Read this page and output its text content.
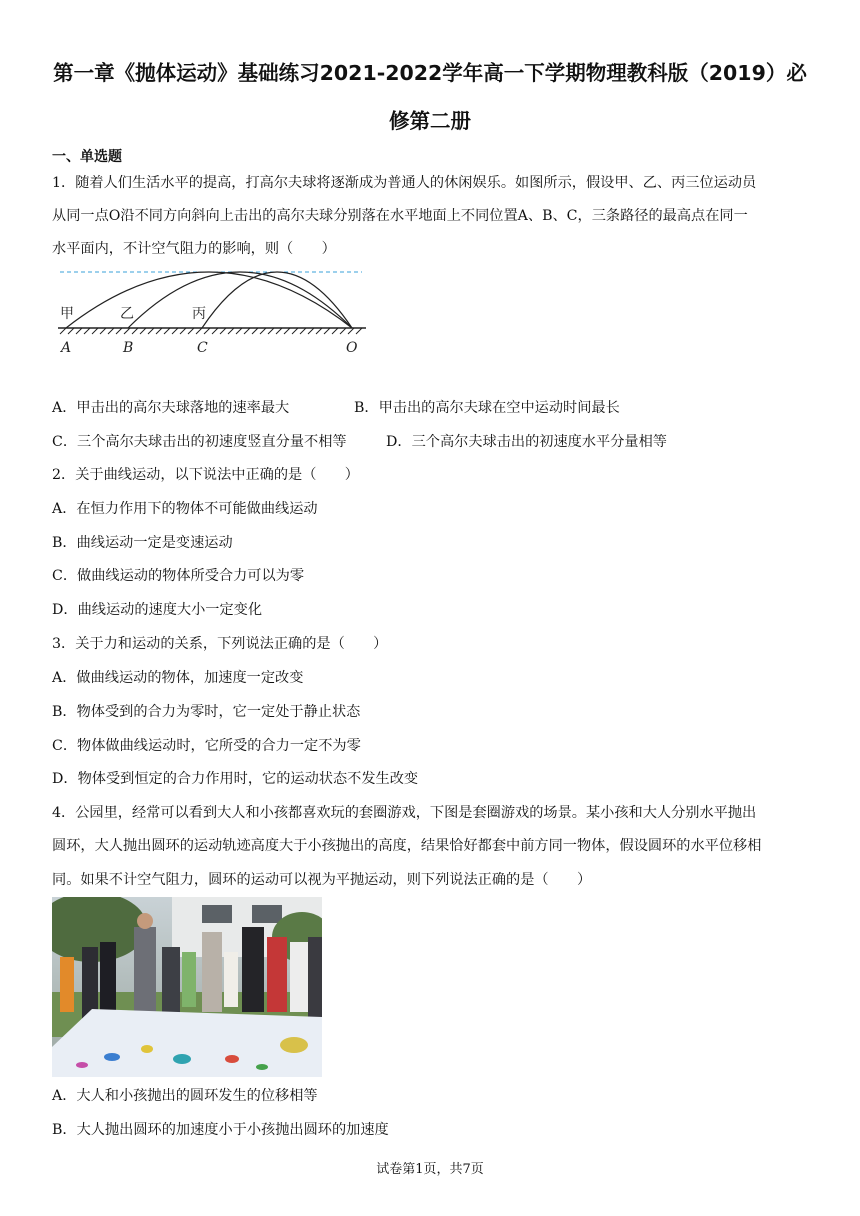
第一章《抛体运动》基础练习2021-2022学年高一下学期物理教科版（2019）必
修第二册
一、单选题
1．随着人们生活水平的提高，打高尔夫球将逐渐成为普通人的休闲娱乐。如图所示，假设甲、乙、丙三位运动员
从同一点O沿不同方向斜向上击出的高尔夫球分别落在水平地面上不同位置A、B、C，三条路径的最高点在同一
水平面内，不计空气阻力的影响，则（　　）
甲	乙	丙
A	B	C	O
A．甲击出的高尔夫球落地的速率最大	B．甲击出的高尔夫球在空中运动时间最长
C．三个高尔夫球击出的初速度竖直分量不相等	D．三个高尔夫球击出的初速度水平分量相等
2．关于曲线运动，以下说法中正确的是（　　）
A．在恒力作用下的物体不可能做曲线运动
B．曲线运动一定是变速运动
C．做曲线运动的物体所受合力可以为零
D．曲线运动的速度大小一定变化
3．关于力和运动的关系，下列说法正确的是（　　）
A．做曲线运动的物体，加速度一定改变
B．物体受到的合力为零时，它一定处于静止状态
C．物体做曲线运动时，它所受的合力一定不为零
D．物体受到恒定的合力作用时，它的运动状态不发生改变
4．公园里，经常可以看到大人和小孩都喜欢玩的套圈游戏，下图是套圈游戏的场景。某小孩和大人分别水平抛出
圆环，大人抛出圆环的运动轨迹高度大于小孩抛出的高度，结果恰好都套中前方同一物体，假设圆环的水平位移相
同。如果不计空气阻力，圆环的运动可以视为平抛运动，则下列说法正确的是（　　）
A．大人和小孩抛出的圆环发生的位移相等
B．大人抛出圆环的加速度小于小孩抛出圆环的加速度
试卷第1页，共7页
